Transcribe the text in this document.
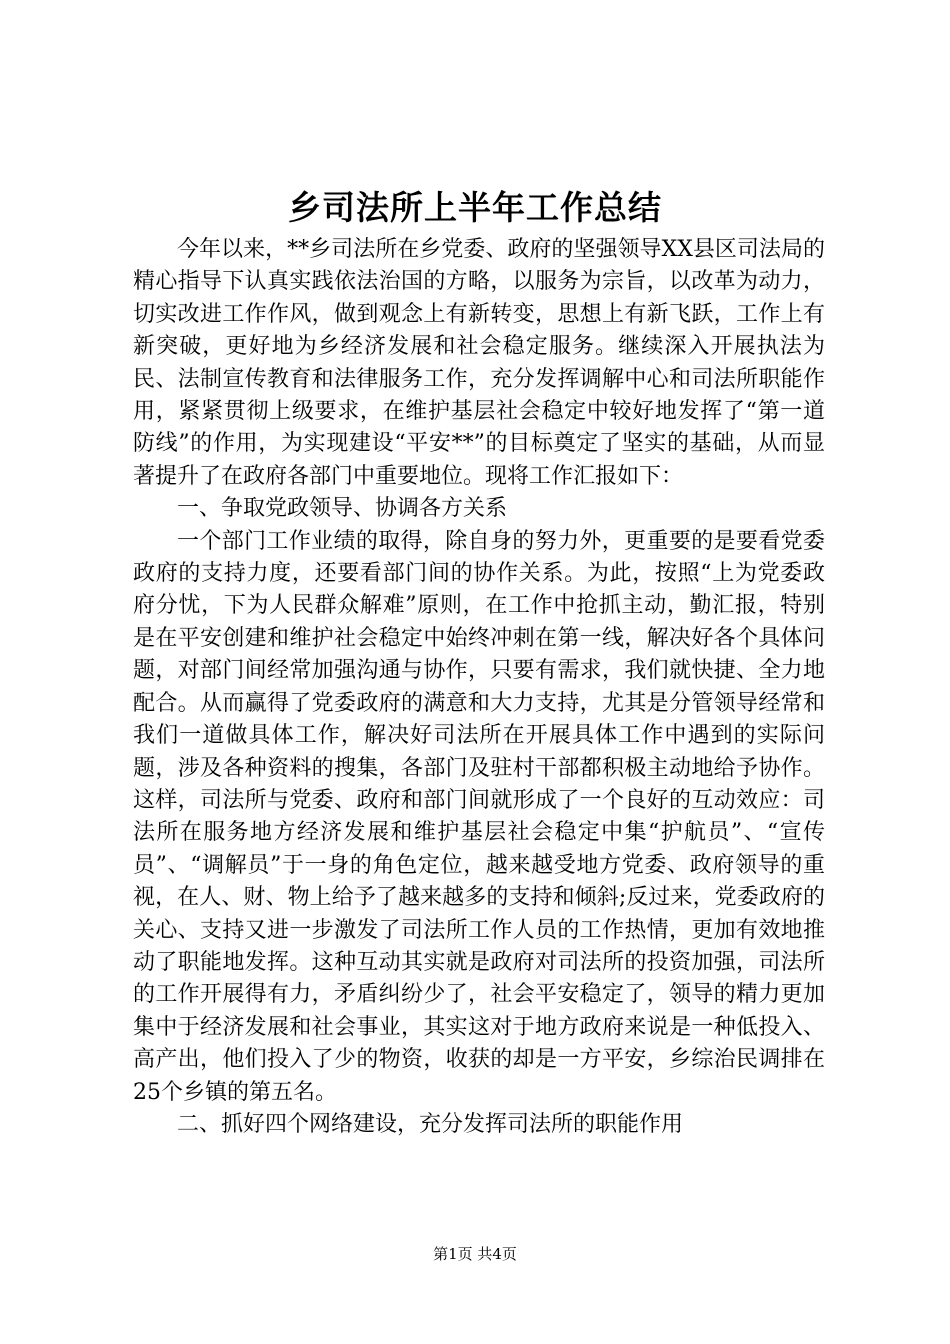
乡司法所上半年工作总结

今年以来，**乡司法所在乡党委、政府的坚强领导XX县区司法局的精心指导下认真实践依法治国的方略，以服务为宗旨，以改革为动力，切实改进工作作风，做到观念上有新转变，思想上有新飞跃，工作上有新突破，更好地为乡经济发展和社会稳定服务。继续深入开展执法为民、法制宣传教育和法律服务工作，充分发挥调解中心和司法所职能作用，紧紧贯彻上级要求，在维护基层社会稳定中较好地发挥了“第一道防线”的作用，为实现建设“平安**”的目标奠定了坚实的基础，从而显著提升了在政府各部门中重要地位。现将工作汇报如下：

一、争取党政领导、协调各方关系

一个部门工作业绩的取得，除自身的努力外，更重要的是要看党委政府的支持力度，还要看部门间的协作关系。为此，按照“上为党委政府分忧，下为人民群众解难”原则，在工作中抢抓主动，勤汇报，特别是在平安创建和维护社会稳定中始终冲刺在第一线，解决好各个具体问题，对部门间经常加强沟通与协作，只要有需求，我们就快捷、全力地配合。从而赢得了党委政府的满意和大力支持，尤其是分管领导经常和我们一道做具体工作，解决好司法所在开展具体工作中遇到的实际问题，涉及各种资料的搜集，各部门及驻村干部都积极主动地给予协作。这样，司法所与党委、政府和部门间就形成了一个良好的互动效应：司法所在服务地方经济发展和维护基层社会稳定中集“护航员”、“宣传员”、“调解员”于一身的角色定位，越来越受地方党委、政府领导的重视，在人、财、物上给予了越来越多的支持和倾斜;反过来，党委政府的关心、支持又进一步激发了司法所工作人员的工作热情，更加有效地推动了职能地发挥。这种互动其实就是政府对司法所的投资加强，司法所的工作开展得有力，矛盾纠纷少了，社会平安稳定了，领导的精力更加集中于经济发展和社会事业，其实这对于地方政府来说是一种低投入、高产出，他们投入了少的物资，收获的却是一方平安，乡综治民调排在25个乡镇的第五名。

二、抓好四个网络建设，充分发挥司法所的职能作用

第1页 共4页
